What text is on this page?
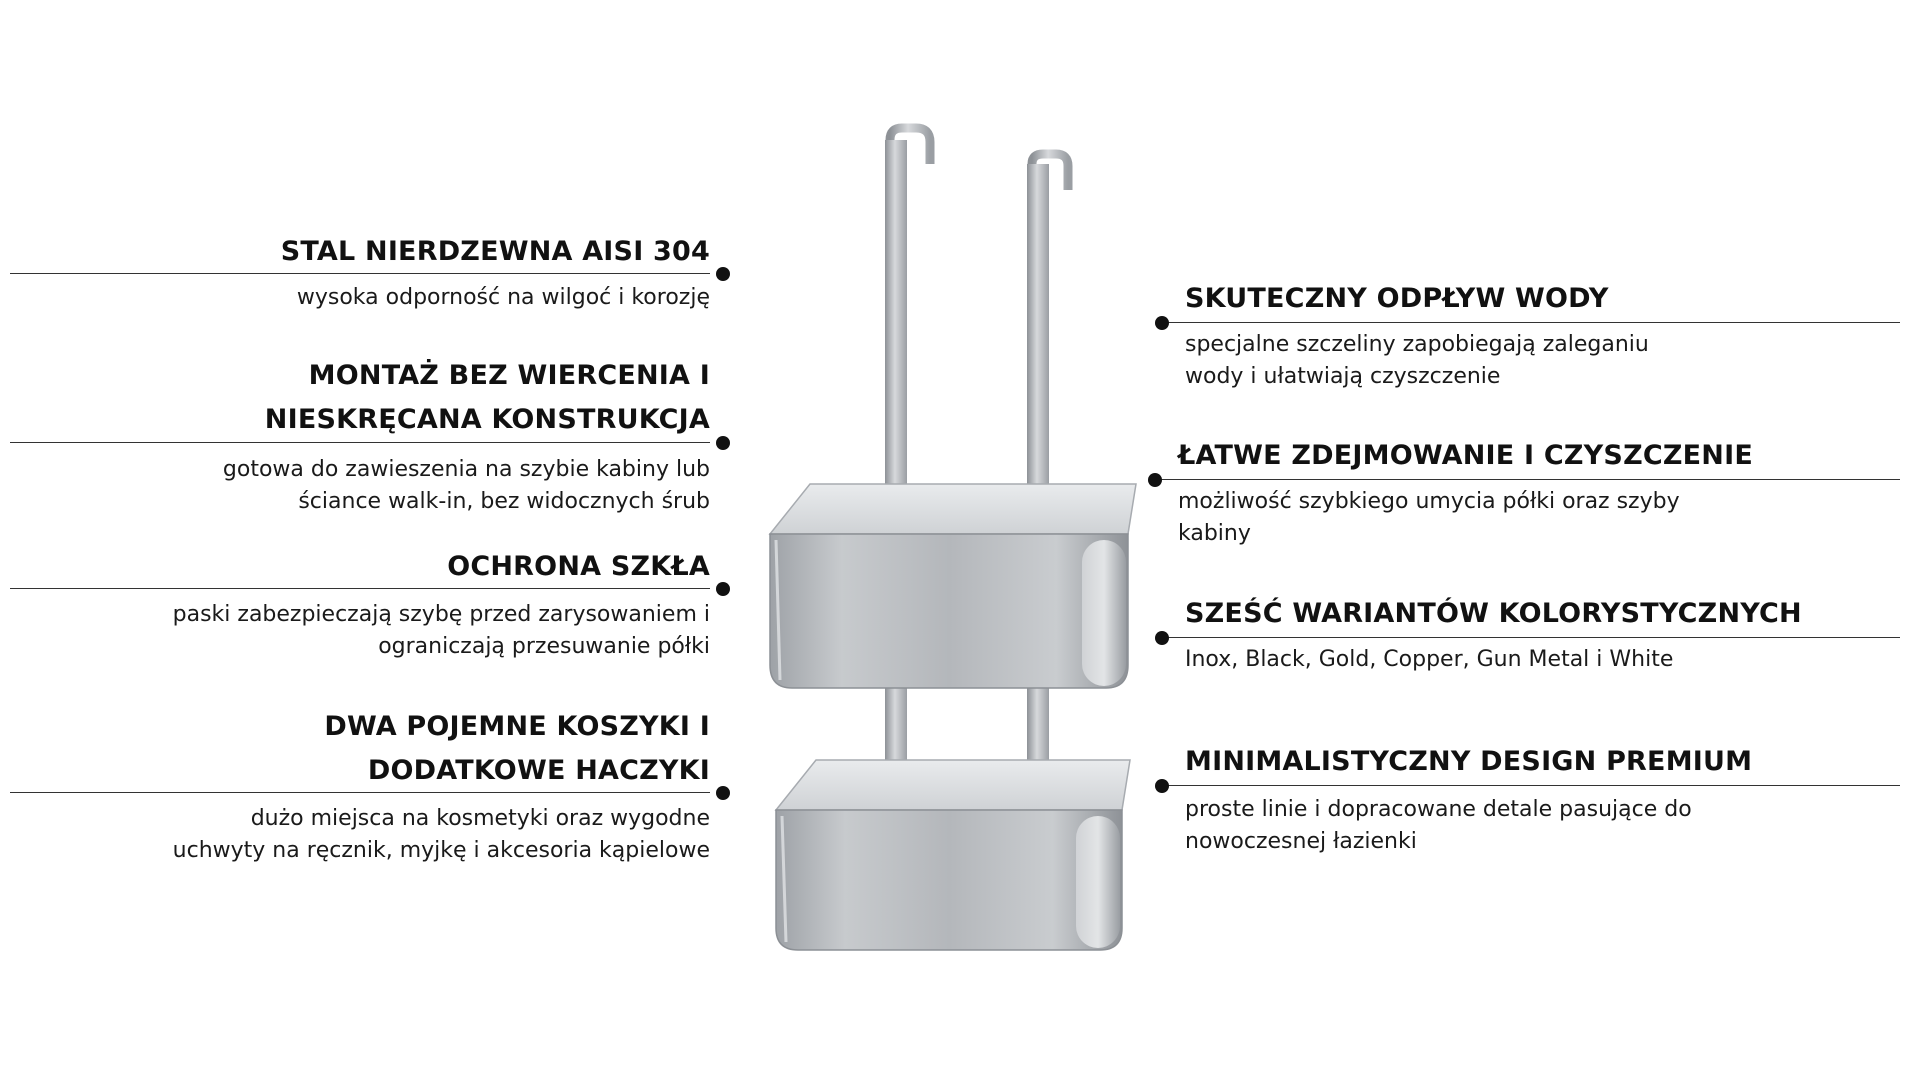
STAL NIERDZEWNA AISI 304
wysoka odporność na wilgoć i korozję
MONTAŻ BEZ WIERCENIA I
NIESKRĘCANA KONSTRUKCJA
gotowa do zawieszenia na szybie kabiny lub
ściance walk-in, bez widocznych śrub
OCHRONA SZKŁA
paski zabezpieczają szybę przed zarysowaniem i
ograniczają przesuwanie półki
DWA POJEMNE KOSZYKI I
DODATKOWE HACZYKI
dużo miejsca na kosmetyki oraz wygodne
uchwyty na ręcznik, myjkę i akcesoria kąpielowe
SKUTECZNY ODPŁYW WODY
specjalne szczeliny zapobiegają zaleganiu
wody i ułatwiają czyszczenie
ŁATWE ZDEJMOWANIE I CZYSZCZENIE
możliwość szybkiego umycia półki oraz szyby
kabiny
SZEŚĆ WARIANTÓW KOLORYSTYCZNYCH
Inox, Black, Gold, Copper, Gun Metal i White
MINIMALISTYCZNY DESIGN PREMIUM
proste linie i dopracowane detale pasujące do
nowoczesnej łazienki
